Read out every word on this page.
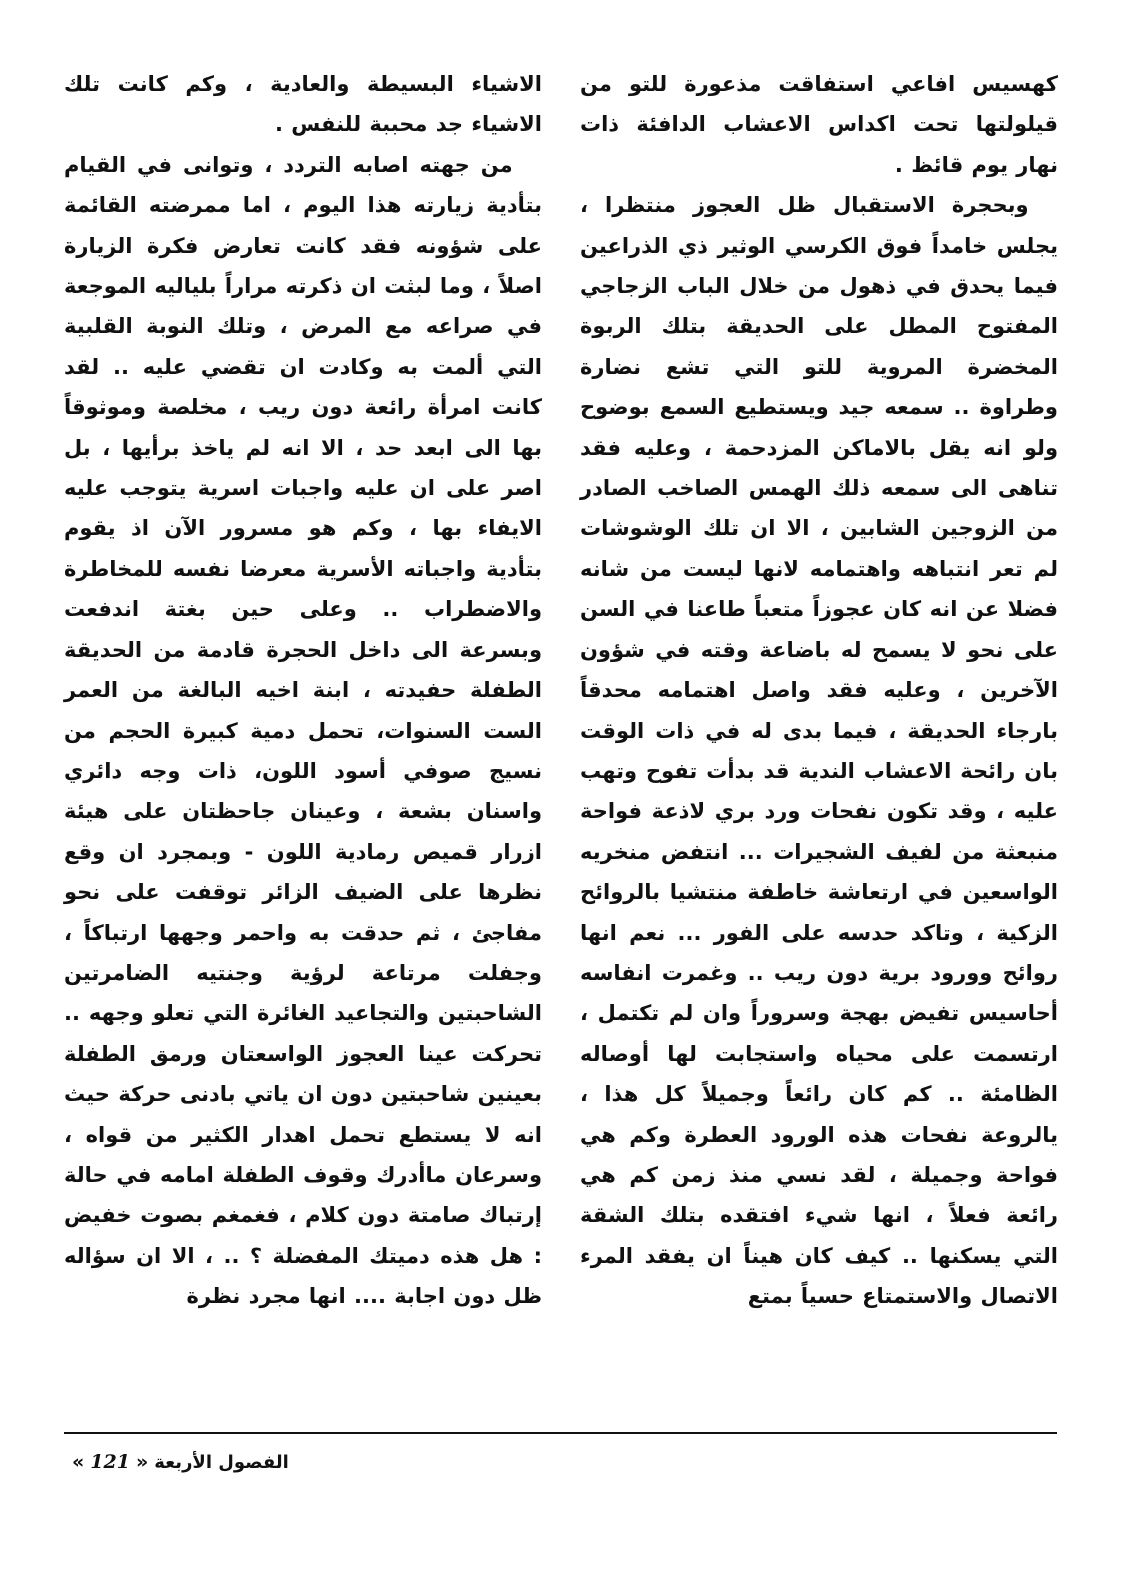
كهسيس افاعي استفاقت مذعورة للتو من قيلولتها تحت اكداس الاعشاب الدافئة ذات نهار يوم قائظ .

وبحجرة الاستقبال ظل العجوز منتظرا ، يجلس خامداً فوق الكرسي الوثير ذي الذراعين فيما يحدق في ذهول من خلال الباب الزجاجي المفتوح المطل على الحديقة بتلك الربوة المخضرة المروية للتو التي تشع نضارة وطراوة .. سمعه جيد ويستطيع السمع بوضوح ولو انه يقل بالاماكن المزدحمة ، وعليه فقد تناهى الى سمعه ذلك الهمس الصاخب الصادر من الزوجين الشابين ، الا ان تلك الوشوشات لم تعر انتباهه واهتمامه لانها ليست من شانه فضلا عن انه كان عجوزاً متعباً طاعنا في السن على نحو لا يسمح له باضاعة وقته في شؤون الآخرين ، وعليه فقد واصل اهتمامه محدقاً بارجاء الحديقة ، فيما بدى له في ذات الوقت بان رائحة الاعشاب الندية قد بدأت تفوح وتهب عليه ، وقد تكون نفحات ورد بري لاذعة فواحة منبعثة من لفيف الشجيرات ... انتفض منخريه الواسعين في ارتعاشة خاطفة منتشيا بالروائح الزكية ، وتاكد حدسه على الفور ... نعم انها روائح وورود برية دون ريب .. وغمرت انفاسه أحاسيس تفيض بهجة وسروراً وان لم تكتمل ، ارتسمت على محياه واستجابت لها أوصاله الظامئة .. كم كان رائعاً وجميلاً كل هذا ، يالروعة نفحات هذه الورود العطرة وكم هي فواحة وجميلة ، لقد نسي منذ زمن كم هي رائعة فعلاً ، انها شيء افتقده بتلك الشقة التي يسكنها .. كيف كان هيناً ان يفقد المرء الاتصال والاستمتاع حسياً بمتع

الاشياء البسيطة والعادية ، وكم كانت تلك الاشياء جد محببة للنفس .

من جهته اصابه التردد ، وتوانى في القيام بتأدية زيارته هذا اليوم ، اما ممرضته القائمة على شؤونه فقد كانت تعارض فكرة الزيارة اصلاً ، وما لبثت ان ذكرته مراراً بلياليه الموجعة في صراعه مع المرض ، وتلك النوبة القلبية التي ألمت به وكادت ان تقضي عليه .. لقد كانت امرأة رائعة دون ريب ، مخلصة وموثوقاً بها الى ابعد حد ، الا انه لم ياخذ برأيها ، بل اصر على ان عليه واجبات اسرية يتوجب عليه الايفاء بها ، وكم هو مسرور الآن اذ يقوم بتأدية واجباته الأسرية معرضا نفسه للمخاطرة والاضطراب .. وعلى حين بغتة اندفعت وبسرعة الى داخل الحجرة قادمة من الحديقة الطفلة حفيدته ، ابنة اخيه البالغة من العمر الست السنوات، تحمل دمية كبيرة الحجم من نسيج صوفي أسود اللون، ذات وجه دائري واسنان بشعة ، وعينان جاحظتان على هيئة ازرار قميص رمادية اللون - وبمجرد ان وقع نظرها على الضيف الزائر توقفت على نحو مفاجئ ، ثم حدقت به واحمر وجهها ارتباكاً ، وجفلت مرتاعة لرؤية وجنتيه الضامرتين الشاحبتين والتجاعيد الغائرة التي تعلو وجهه .. تحركت عينا العجوز الواسعتان ورمق الطفلة بعينين شاحبتين دون ان ياتي بادنى حركة حيث انه لا يستطع تحمل اهدار الكثير من قواه ، وسرعان ماأدرك وقوف الطفلة امامه في حالة إرتباك صامتة دون كلام ، فغمغم بصوت خفيض : هل هذه دميتك المفضلة ؟ .. ، الا ان سؤاله ظل دون اجابة .... انها مجرد نظرة

« 121 » الفصول الأربعة
